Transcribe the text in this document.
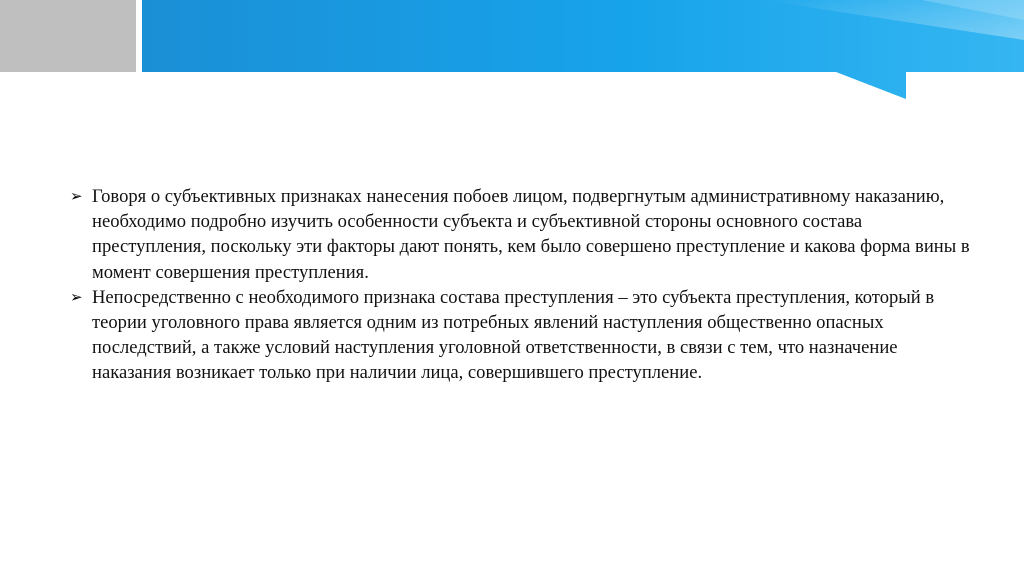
➢ Говоря о субъективных признаках нанесения побоев лицом, подвергнутым административному наказанию, необходимо подробно изучить особенности субъекта и субъективной стороны основного состава преступления, поскольку эти факторы дают понять, кем было совершено преступление и какова форма вины в момент совершения преступления.
➢ Непосредственно с необходимого признака состава преступления – это субъекта преступления, который в теории уголовного права является одним из потребных явлений наступления общественно опасных последствий, а также условий наступления уголовной ответственности, в связи с тем, что назначение наказания возникает только при наличии лица, совершившего преступление.
